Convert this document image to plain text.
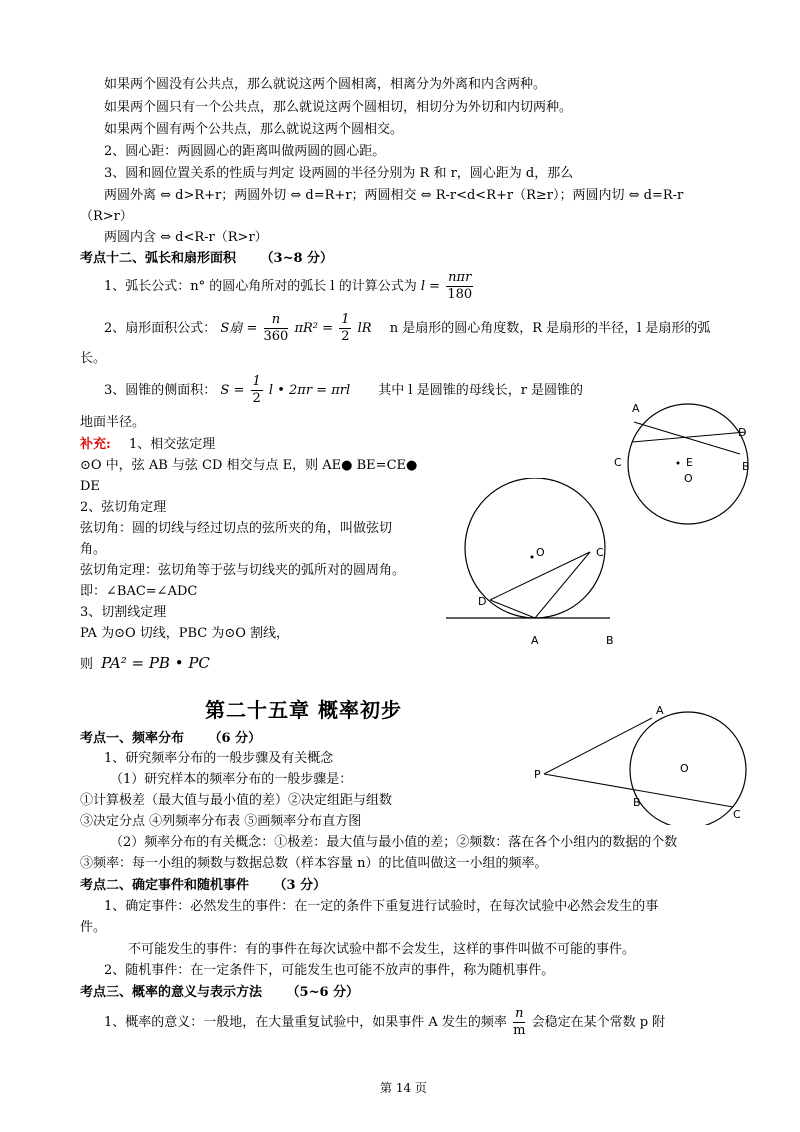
如果两个圆没有公共点，那么就说这两个圆相离，相离分为外离和内含两种。
如果两个圆只有一个公共点，那么就说这两个圆相切，相切分为外切和内切两种。
如果两个圆有两个公共点，那么就说这两个圆相交。
2、圆心距：两圆圆心的距离叫做两圆的圆心距。
3、圆和圆位置关系的性质与判定 设两圆的半径分别为 R 和 r，圆心距为 d，那么
两圆外离 ⇔ d>R+r；两圆外切 ⇔ d=R+r；两圆相交 ⇔ R-r<d<R+r（R≥r）；两圆内切 ⇔ d=R-r
（R>r）
两圆内含 ⇔ d<R-r（R>r）
考点十二、弧长和扇形面积 （3~8 分）
1、弧长公式：n° 的圆心角所对的弧长 l 的计算公式为 $l = \frac{\text{nπr}}{180}$
2、扇形面积公式： S扇 = $\frac{n}{360} \pi R^2 = \frac{1}{2}$ lR n 是扇形的圆心角度数，R 是扇形的半径，l 是扇形的弧
长。
3、圆锥的侧面积： $S = \frac{1}{2}$ l • 2πr = πrl 其中 l 是圆锥的母线长，r 是圆锥的
地面半径。
补充: 1、相交弦定理
⊙O 中，弦 AB 与弦 CD 相交与点 E，则 AE● BE=CE●
DE
2、弦切角定理
弦切角：圆的切线与经过切点的弦所夹的角，叫做弦切
角。
弦切角定理：弦切角等于弦与切线夹的弧所对的圆周角。
即：∠BAC=∠ADC
3、切割线定理
PA 为⊙O 切线，PBC 为⊙O 割线，
则 PA² = PB • PC
第二十五章 概率初步
考点一、频率分布 （6 分）
1、研究频率分布的一般步骤及有关概念
（1）研究样本的频率分布的一般步骤是：
①计算极差（最大值与最小值的差）②决定组距与组数
③决定分点 ④列频率分布表 ⑤画频率分布直方图
（2）频率分布的有关概念：①极差：最大值与最小值的差；②频数：落在各个小组内的数据的个数
③频率：每一小组的频数与数据总数（样本容量 n）的比值叫做这一小组的频率。
考点二、确定事件和随机事件 （3 分）
1、确定事件：必然发生的事件：在一定的条件下重复进行试验时，在每次试验中必然会发生的事
件。
不可能发生的事件：有的事件在每次试验中都不会发生，这样的事件叫做不可能的事件。
2、随机事件：在一定条件下，可能发生也可能不放声的事件，称为随机事件。
考点三、概率的意义与表示方法 （5~6 分）
1、概率的意义：一般地，在大量重复试验中，如果事件 A 发生的频率 $\frac{n}{m}$ 会稳定在某个常数 p 附
第 14 页
A
D
C	E	B
O
O	C
D
A	B
A
P	O
B
C
